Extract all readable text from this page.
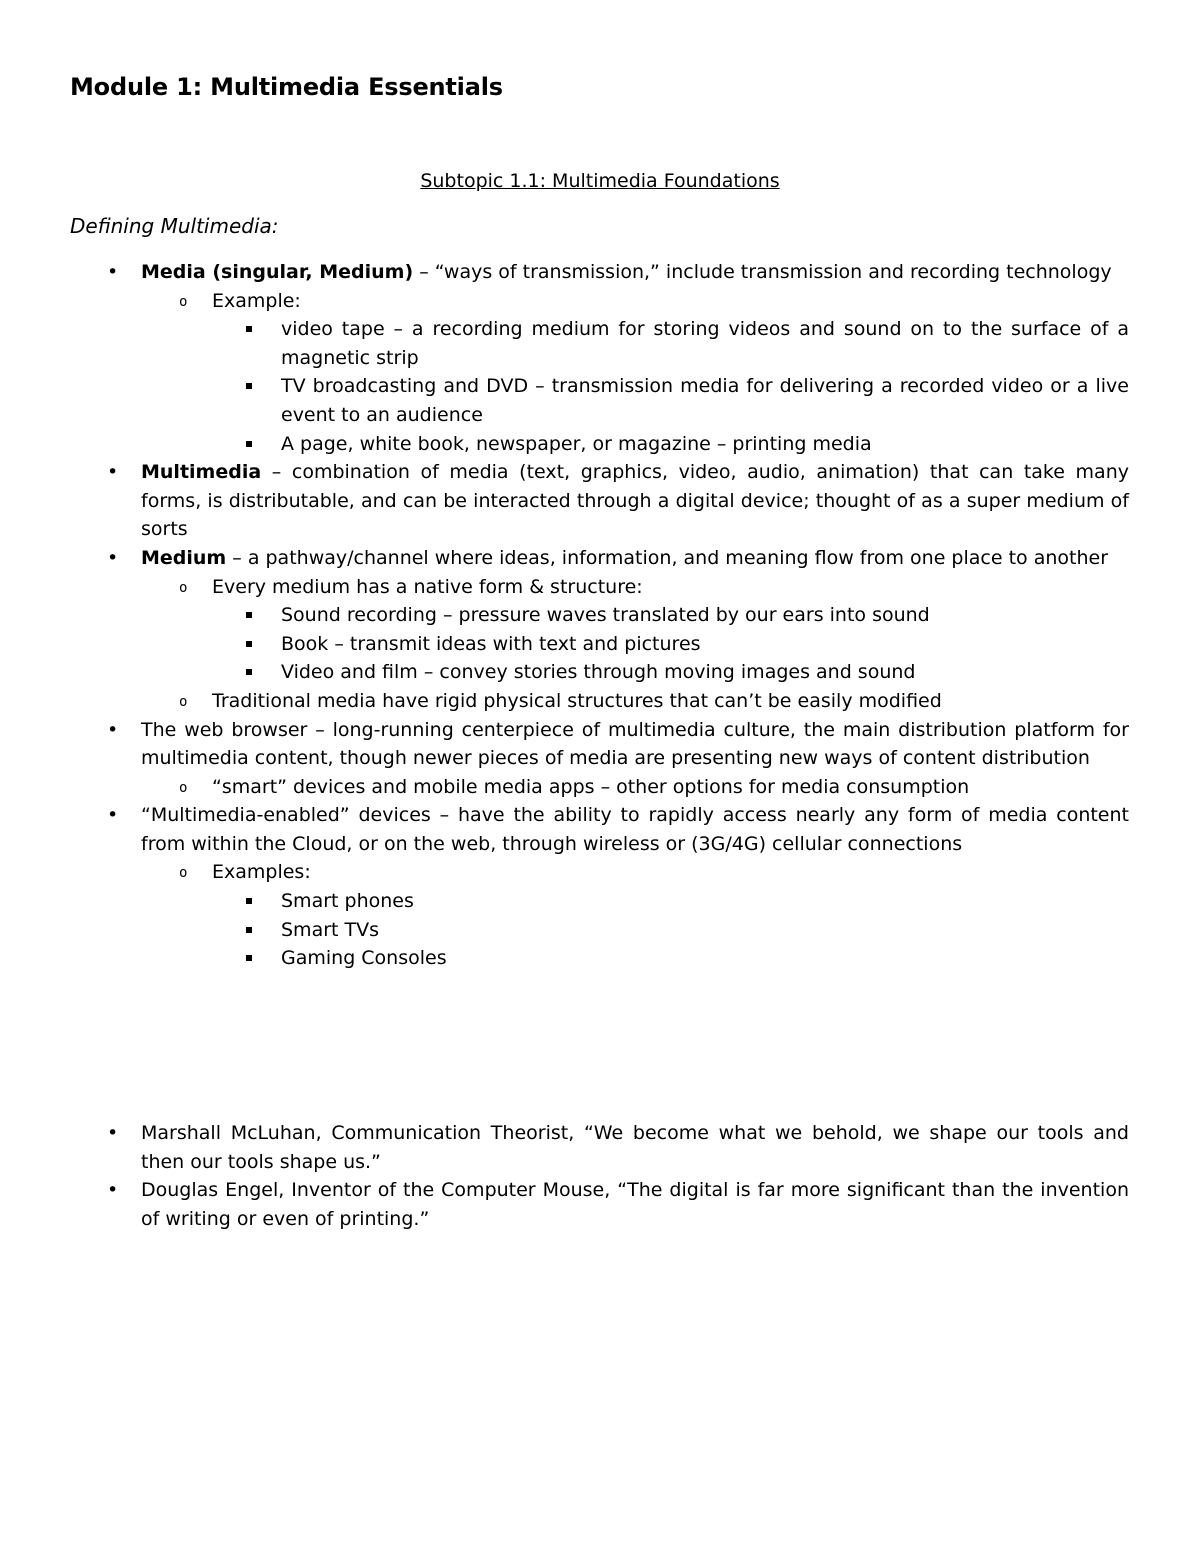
Module 1: Multimedia Essentials

Subtopic 1.1: Multimedia Foundations

Defining Multimedia:

• Media (singular, Medium) – “ways of transmission,” include transmission and recording technology
o Example:
video tape – a recording medium for storing videos and sound on to the surface of a magnetic strip
TV broadcasting and DVD – transmission media for delivering a recorded video or a live event to an audience
A page, white book, newspaper, or magazine – printing media
• Multimedia – combination of media (text, graphics, video, audio, animation) that can take many forms, is distributable, and can be interacted through a digital device; thought of as a super medium of sorts
• Medium – a pathway/channel where ideas, information, and meaning flow from one place to another
o Every medium has a native form & structure:
Sound recording – pressure waves translated by our ears into sound
Book – transmit ideas with text and pictures
Video and film – convey stories through moving images and sound
o Traditional media have rigid physical structures that can’t be easily modified
• The web browser – long-running centerpiece of multimedia culture, the main distribution platform for multimedia content, though newer pieces of media are presenting new ways of content distribution
o “smart” devices and mobile media apps – other options for media consumption
• “Multimedia-enabled” devices – have the ability to rapidly access nearly any form of media content from within the Cloud, or on the web, through wireless or (3G/4G) cellular connections
o Examples:
Smart phones
Smart TVs
Gaming Consoles
• Marshall McLuhan, Communication Theorist, “We become what we behold, we shape our tools and then our tools shape us.”
• Douglas Engel, Inventor of the Computer Mouse, “The digital is far more significant than the invention of writing or even of printing.”
